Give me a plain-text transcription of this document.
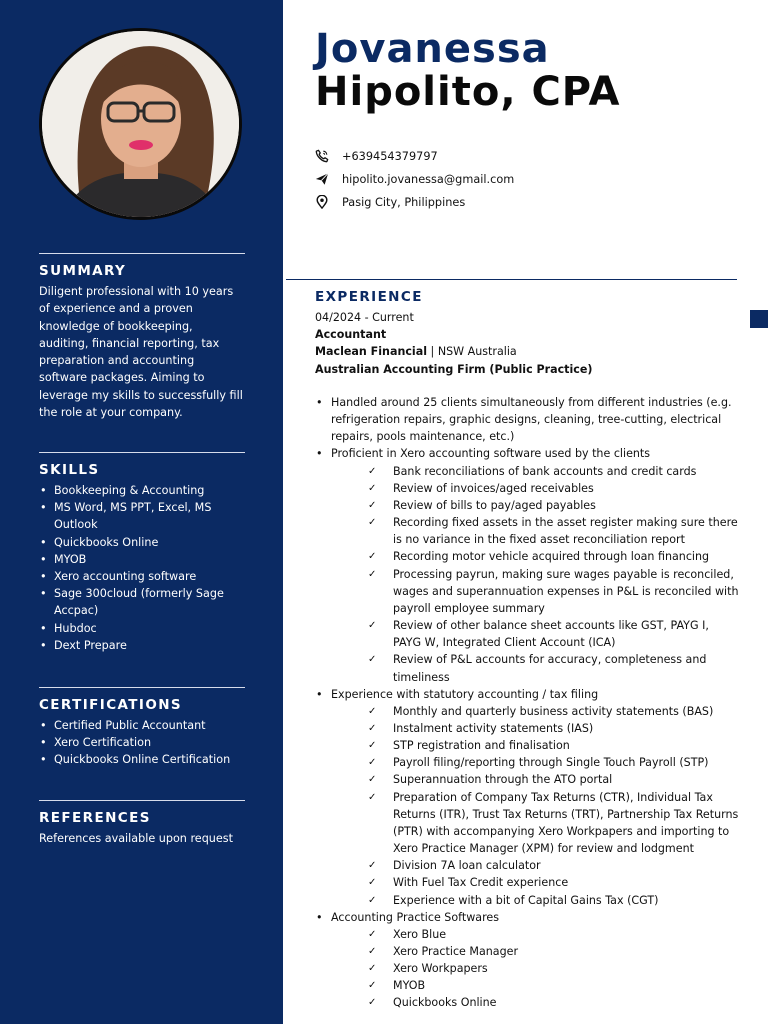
SUMMARY
Diligent professional with 10 years of experience and a proven knowledge of bookkeeping, auditing, financial reporting, tax preparation and accounting software packages. Aiming to leverage my skills to successfully fill the role at your company.
SKILLS
• Bookkeeping & Accounting
• MS Word, MS PPT, Excel, MS Outlook
• Quickbooks Online
• MYOB
• Xero accounting software
• Sage 300cloud (formerly Sage Accpac)
• Hubdoc
• Dext Prepare
CERTIFICATIONS
• Certified Public Accountant
• Xero Certification
• Quickbooks Online Certification
REFERENCES
References available upon request
Jovanessa
Hipolito, CPA
+639454379797
hipolito.jovanessa@gmail.com
Pasig City, Philippines
EXPERIENCE
04/2024 - Current
Accountant
Maclean Financial | NSW Australia
Australian Accounting Firm (Public Practice)
• Handled around 25 clients simultaneously from different industries (e.g. refrigeration repairs, graphic designs, cleaning, tree-cutting, electrical repairs, pools maintenance, etc.)
• Proficient in Xero accounting software used by the clients
✓ Bank reconciliations of bank accounts and credit cards
✓ Review of invoices/aged receivables
✓ Review of bills to pay/aged payables
✓ Recording fixed assets in the asset register making sure there is no variance in the fixed asset reconciliation report
✓ Recording motor vehicle acquired through loan financing
✓ Processing payrun, making sure wages payable is reconciled, wages and superannuation expenses in P&L is reconciled with payroll employee summary
✓ Review of other balance sheet accounts like GST, PAYG I, PAYG W, Integrated Client Account (ICA)
✓ Review of P&L accounts for accuracy, completeness and timeliness
• Experience with statutory accounting / tax filing
✓ Monthly and quarterly business activity statements (BAS)
✓ Instalment activity statements (IAS)
✓ STP registration and finalisation
✓ Payroll filing/reporting through Single Touch Payroll (STP)
✓ Superannuation through the ATO portal
✓ Preparation of Company Tax Returns (CTR), Individual Tax Returns (ITR), Trust Tax Returns (TRT), Partnership Tax Returns (PTR) with accompanying Xero Workpapers and importing to Xero Practice Manager (XPM) for review and lodgment
✓ Division 7A loan calculator
✓ With Fuel Tax Credit experience
✓ Experience with a bit of Capital Gains Tax (CGT)
• Accounting Practice Softwares
✓ Xero Blue
✓ Xero Practice Manager
✓ Xero Workpapers
✓ MYOB
✓ Quickbooks Online
